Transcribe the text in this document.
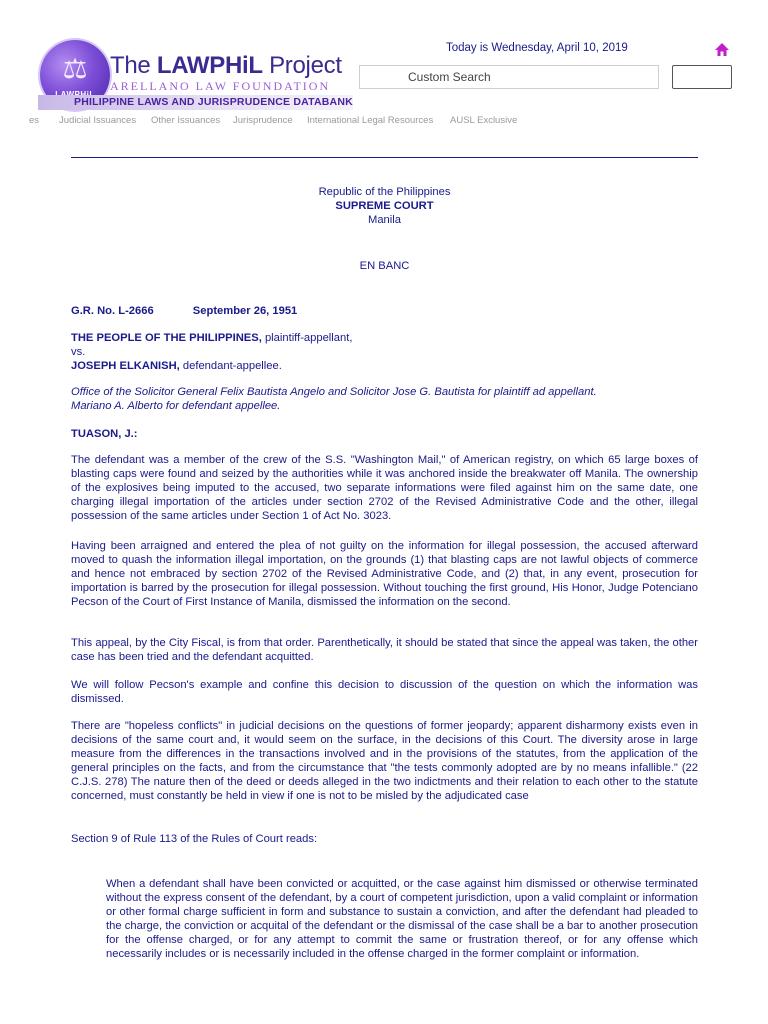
⚖ The LAWPHiL Project
ARELLANO LAW FOUNDATION
PHILIPPINE LAWS AND JURISPRUDENCE DATABANK
Today is Wednesday, April 10, 2019
Custom Search
es Judicial Issuances Other Issuances Jurisprudence International Legal Resources AUSL Exclusive
Republic of the Philippines
SUPREME COURT
Manila
EN BANC
G.R. No. L-2666	September 26, 1951
THE PEOPLE OF THE PHILIPPINES, plaintiff-appellant,
vs.
JOSEPH ELKANISH, defendant-appellee.
Office of the Solicitor General Felix Bautista Angelo and Solicitor Jose G. Bautista for plaintiff ad appellant.
Mariano A. Alberto for defendant appellee.
TUASON, J.:

The defendant was a member of the crew of the S.S. "Washington Mail," of American registry, on which 65 large boxes of blasting caps were found and seized by the authorities while it was anchored inside the breakwater off Manila. The ownership of the explosives being imputed to the accused, two separate informations were filed against him on the same date, one charging illegal importation of the articles under section 2702 of the Revised Administrative Code and the other, illegal possession of the same articles under Section 1 of Act No. 3023.

Having been arraigned and entered the plea of not guilty on the information for illegal possession, the accused afterward moved to quash the information illegal importation, on the grounds (1) that blasting caps are not lawful objects of commerce and hence not embraced by section 2702 of the Revised Administrative Code, and (2) that, in any event, prosecution for importation is barred by the prosecution for illegal possession. Without touching the first ground, His Honor, Judge Potenciano Pecson of the Court of First Instance of Manila, dismissed the information on the second.

This appeal, by the City Fiscal, is from that order. Parenthetically, it should be stated that since the appeal was taken, the other case has been tried and the defendant acquitted.

We will follow Pecson's example and confine this decision to discussion of the question on which the information was dismissed.

There are "hopeless conflicts" in judicial decisions on the questions of former jeopardy; apparent disharmony exists even in decisions of the same court and, it would seem on the surface, in the decisions of this Court. The diversity arose in large measure from the differences in the transactions involved and in the provisions of the statutes, from the application of the general principles on the facts, and from the circumstance that "the tests commonly adopted are by no means infallible." (22 C.J.S. 278) The nature then of the deed or deeds alleged in the two indictments and their relation to each other to the statute concerned, must constantly be held in view if one is not to be misled by the adjudicated case

Section 9 of Rule 113 of the Rules of Court reads:

When a defendant shall have been convicted or acquitted, or the case against him dismissed or otherwise terminated without the express consent of the defendant, by a court of competent jurisdiction, upon a valid complaint or information or other formal charge sufficient in form and substance to sustain a conviction, and after the defendant had pleaded to the charge, the conviction or acquital of the defendant or the dismissal of the case shall be a bar to another prosecution for the offense charged, or for any attempt to commit the same or frustration thereof, or for any offense which necessarily includes or is necessarily included in the offense charged in the former complaint or information.
